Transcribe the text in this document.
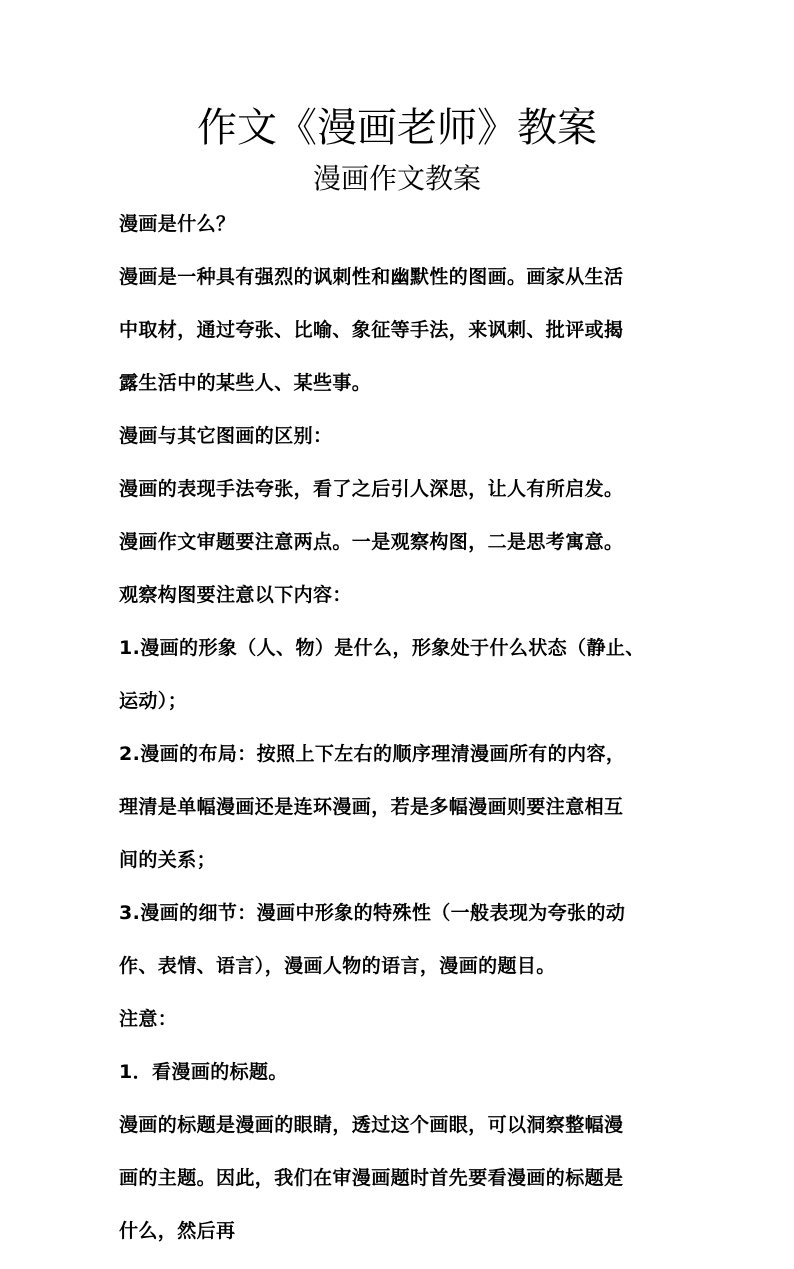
作文《漫画老师》教案
漫画作文教案
漫画是什么？
漫画是一种具有强烈的讽刺性和幽默性的图画。画家从生活
中取材，通过夸张、比喻、象征等手法，来讽刺、批评或揭
露生活中的某些人、某些事。
漫画与其它图画的区别：
漫画的表现手法夸张，看了之后引人深思，让人有所启发。
漫画作文审题要注意两点。一是观察构图，二是思考寓意。
观察构图要注意以下内容：
1.漫画的形象（人、物）是什么，形象处于什么状态（静止、
运动）；
2.漫画的布局：按照上下左右的顺序理清漫画所有的内容，
理清是单幅漫画还是连环漫画，若是多幅漫画则要注意相互
间的关系；
3.漫画的细节：漫画中形象的特殊性（一般表现为夸张的动
作、表情、语言），漫画人物的语言，漫画的题目。
注意：
1．看漫画的标题。
漫画的标题是漫画的眼睛，透过这个画眼，可以洞察整幅漫
画的主题。因此，我们在审漫画题时首先要看漫画的标题是
什么，然后再
